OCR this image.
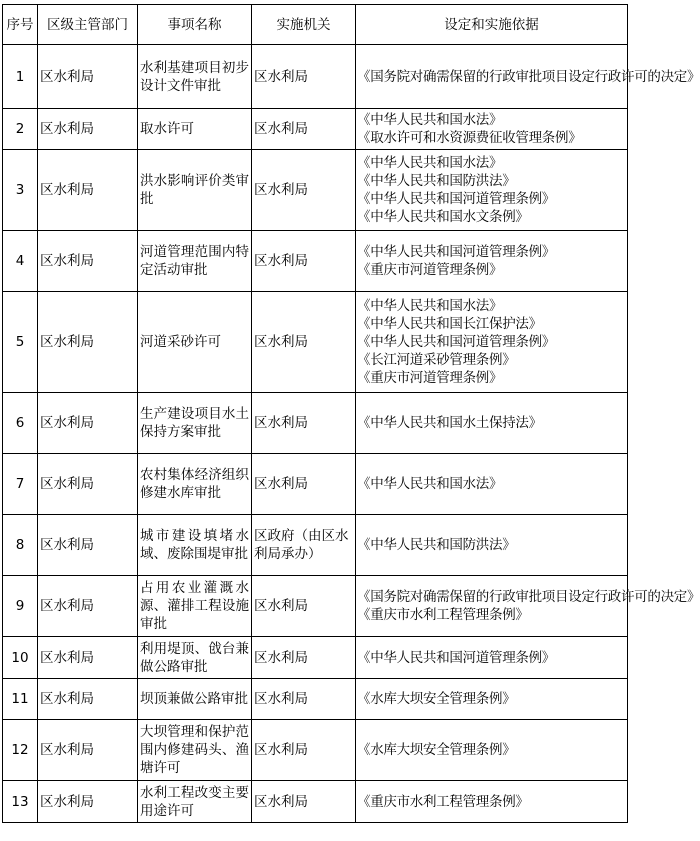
序号	区级主管部门	事项名称	实施机关	设定和实施依据
1	区水利局	水利基建项目初步设计文件审批	区水利局	《国务院对确需保留的行政审批项目设定行政许可的决定》

2	区水利局	取水许可	区水利局	《中华人民共和国水法》
《取水许可和水资源费征收管理条例》

3	区水利局	洪水影响评价类审批	区水利局	《中华人民共和国水法》
《中华人民共和国防洪法》
《中华人民共和国河道管理条例》
《中华人民共和国水文条例》

4	区水利局	河道管理范围内特定活动审批	区水利局	《中华人民共和国河道管理条例》
《重庆市河道管理条例》

5	区水利局	河道采砂许可	区水利局	《中华人民共和国水法》
《中华人民共和国长江保护法》
《中华人民共和国河道管理条例》
《长江河道采砂管理条例》
《重庆市河道管理条例》

6	区水利局	生产建设项目水土保持方案审批	区水利局	《中华人民共和国水土保持法》

7	区水利局	农村集体经济组织修建水库审批	区水利局	《中华人民共和国水法》

8	区水利局	城市建设填堵水域、废除围堤审批	区政府（由区水利局承办）	《中华人民共和国防洪法》

9	区水利局	占用农业灌溉水源、灌排工程设施审批	区水利局	《国务院对确需保留的行政审批项目设定行政许可的决定》
《重庆市水利工程管理条例》

10	区水利局	利用堤顶、戗台兼做公路审批	区水利局	《中华人民共和国河道管理条例》

11	区水利局	坝顶兼做公路审批	区水利局	《水库大坝安全管理条例》

12	区水利局	大坝管理和保护范围内修建码头、渔塘许可	区水利局	《水库大坝安全管理条例》

13	区水利局	水利工程改变主要用途许可	区水利局	《重庆市水利工程管理条例》
